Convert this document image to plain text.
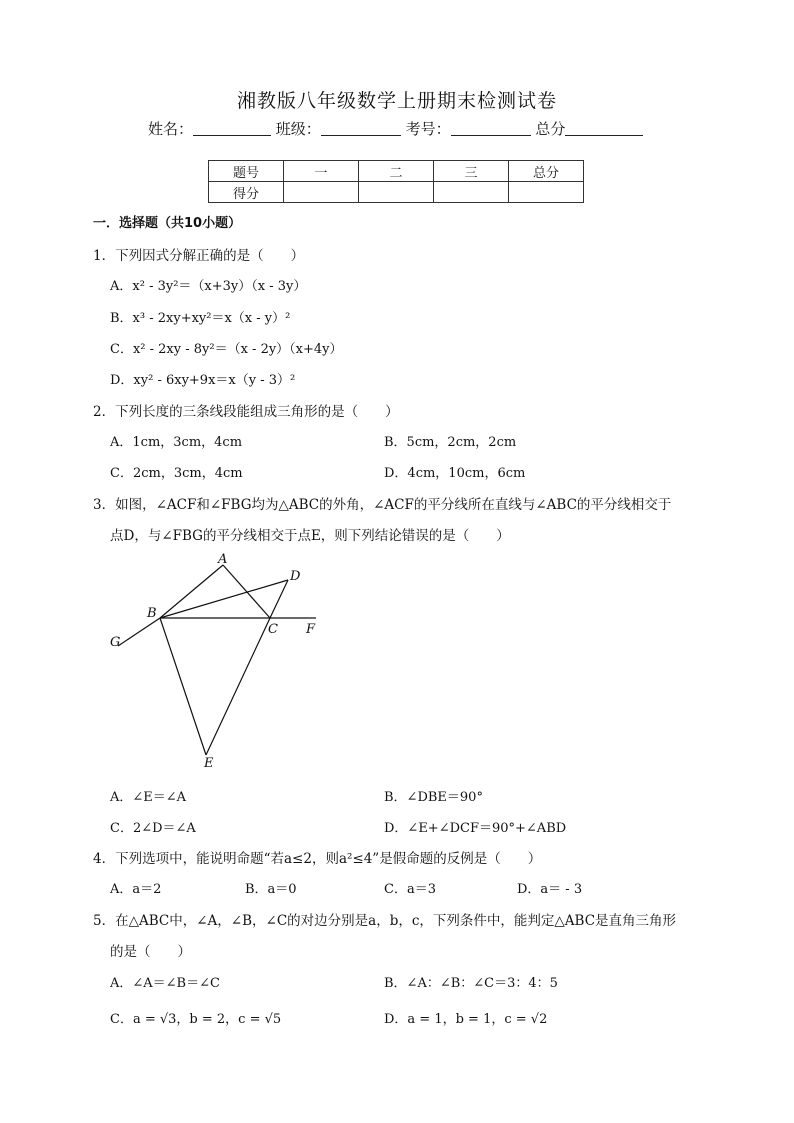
湘教版八年级数学上册期末检测试卷
姓名：	班级：	考号：	总分
题号	一	二	三	总分
得分				
一．选择题（共10小题）
1．下列因式分解正确的是（　　）
A．x² - 3y²＝（x+3y）（x - 3y）
B．x³ - 2xy+xy²＝x（x - y）²
C．x² - 2xy - 8y²＝（x - 2y）（x+4y）
D．xy² - 6xy+9x＝x（y - 3）²
2．下列长度的三条线段能组成三角形的是（　　）
A．1cm，3cm，4cm	B．5cm，2cm，2cm
C．2cm，3cm，4cm	D．4cm，10cm，6cm
3．如图，∠ACF和∠FBG均为△ABC的外角，∠ACF的平分线所在直线与∠ABC的平分线相交于
点D，与∠FBG的平分线相交于点E，则下列结论错误的是（　　）
A
B
C
D
E
F
G
A．∠E＝∠A	B．∠DBE＝90°
C．2∠D＝∠A	D．∠E+∠DCF＝90°+∠ABD
4．下列选项中，能说明命题“若a≤2，则a²≤4”是假命题的反例是（　　）
A．a＝2	B．a＝0	C．a＝3	D．a＝ - 3
5．在△ABC中，∠A，∠B，∠C的对边分别是a，b，c，下列条件中，能判定△ABC是直角三角形
的是（　　）
A．∠A＝∠B＝∠C	B．∠A：∠B：∠C＝3：4：5
C．a = √3，b = 2，c = √5	D．a = 1，b = 1，c = √2
